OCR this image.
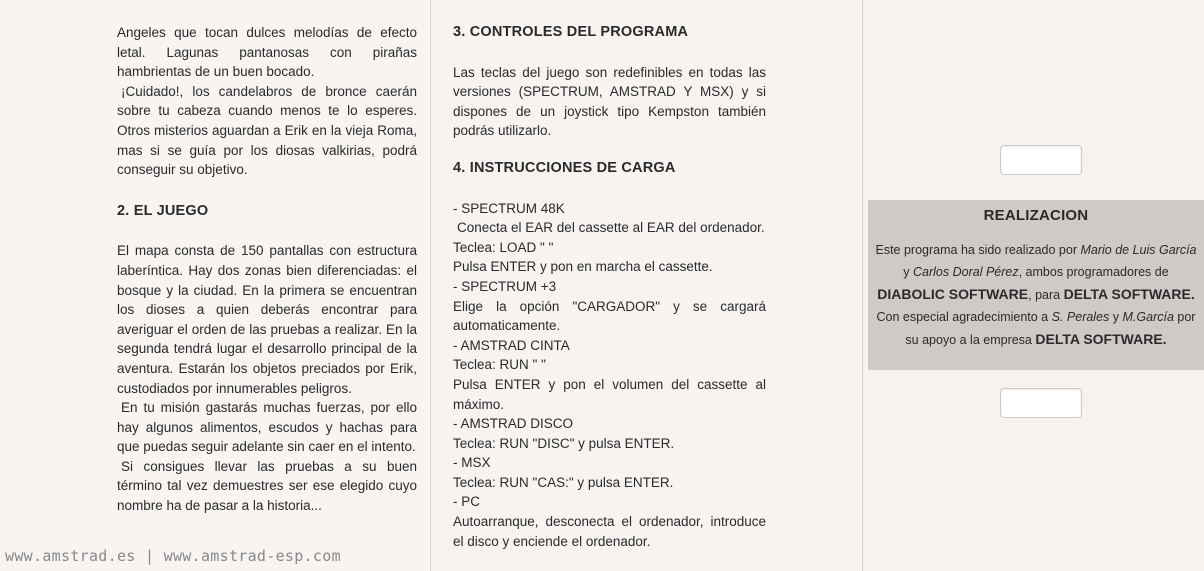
Angeles que tocan dulces melodías de efecto letal. Lagunas pantanosas con pirañas hambrientas de un buen bocado.

¡Cuidado!, los candelabros de bronce caerán sobre tu cabeza cuando menos te lo esperes. Otros misterios aguardan a Erik en la vieja Roma, mas si se guía por los diosas valkirias, podrá conseguir su objetivo.

2. EL JUEGO

El mapa consta de 150 pantallas con estructura laberíntica. Hay dos zonas bien diferenciadas: el bosque y la ciudad. En la primera se encuentran los dioses a quien deberás encontrar para averiguar el orden de las pruebas a realizar. En la segunda tendrá lugar el desarrollo principal de la aventura. Estarán los objetos preciados por Erik, custodiados por innumerables peligros.

En tu misión gastarás muchas fuerzas, por ello hay algunos alimentos, escudos y hachas para que puedas seguir adelante sin caer en el intento.

Si consigues llevar las pruebas a su buen término tal vez demuestres ser ese elegido cuyo nombre ha de pasar a la historia...

3. CONTROLES DEL PROGRAMA

Las teclas del juego son redefinibles en todas las versiones (SPECTRUM, AMSTRAD Y MSX) y si dispones de un joystick tipo Kempston también podrás utilizarlo.

4. INSTRUCCIONES DE CARGA

- SPECTRUM 48K

Conecta el EAR del cassette al EAR del ordenador.

Teclea: LOAD " "

Pulsa ENTER y pon en marcha el cassette.

- SPECTRUM +3

Elige la opción "CARGADOR" y se cargará automaticamente.

- AMSTRAD CINTA

Teclea: RUN " "

Pulsa ENTER y pon el volumen del cassette al máximo.

- AMSTRAD DISCO

Teclea: RUN "DISC" y pulsa ENTER.

- MSX

Teclea: RUN "CAS:" y pulsa ENTER.

- PC

Autoarranque, desconecta el ordenador, introduce el disco y enciende el ordenador.

REALIZACION

Este programa ha sido realizado por Mario de Luis García

y Carlos Doral Pérez, ambos programadores de

DIABOLIC SOFTWARE, para DELTA SOFTWARE.

Con especial agradecimiento a S. Perales y M.García por

su apoyo a la empresa DELTA SOFTWARE.

www.amstrad.es | www.amstrad-esp.com
